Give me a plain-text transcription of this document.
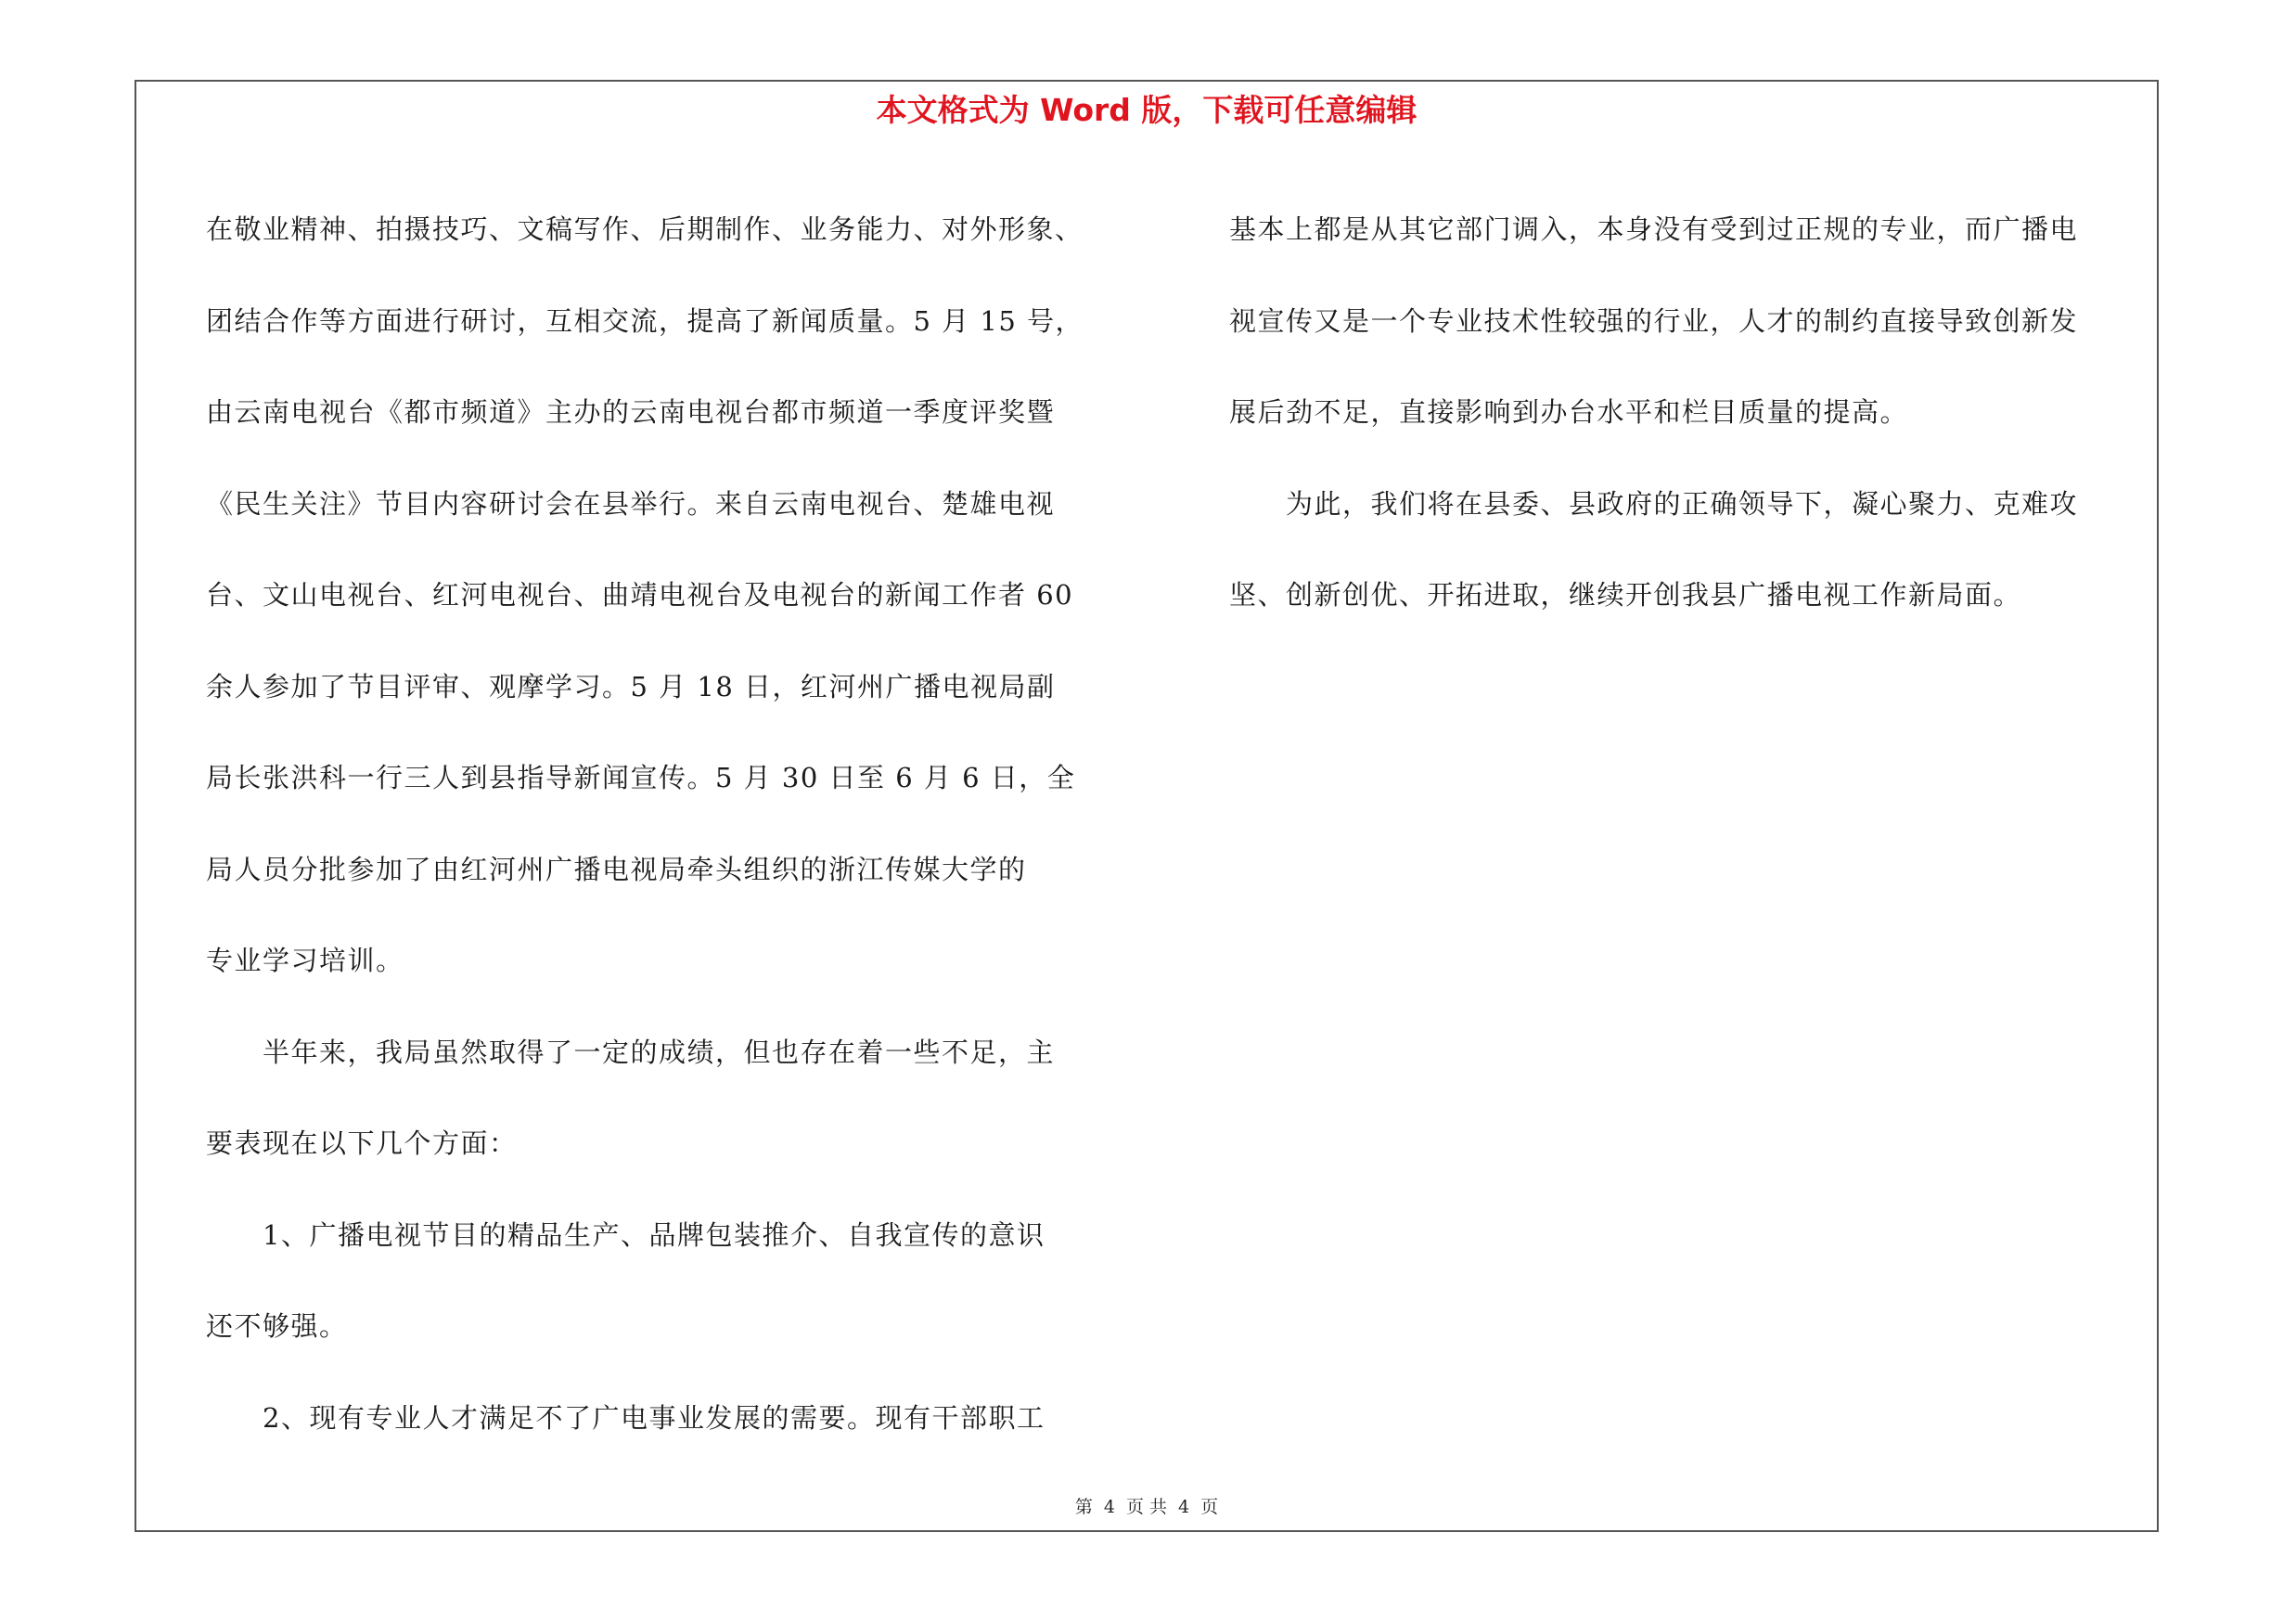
本文格式为 Word 版，下载可任意编辑
在敬业精神、拍摄技巧、文稿写作、后期制作、业务能力、对外形象、
团结合作等方面进行研讨，互相交流，提高了新闻质量。5 月 15 号，
由云南电视台《都市频道》主办的云南电视台都市频道一季度评奖暨
《民生关注》节目内容研讨会在县举行。来自云南电视台、楚雄电视
台、文山电视台、红河电视台、曲靖电视台及电视台的新闻工作者 60
余人参加了节目评审、观摩学习。5 月 18 日，红河州广播电视局副
局长张洪科一行三人到县指导新闻宣传。5 月 30 日至 6 月 6 日，全
局人员分批参加了由红河州广播电视局牵头组织的浙江传媒大学的
专业学习培训。
　　半年来，我局虽然取得了一定的成绩，但也存在着一些不足，主
要表现在以下几个方面：
　　1、广播电视节目的精品生产、品牌包装推介、自我宣传的意识
还不够强。
　　2、现有专业人才满足不了广电事业发展的需要。现有干部职工
基本上都是从其它部门调入，本身没有受到过正规的专业，而广播电
视宣传又是一个专业技术性较强的行业，人才的制约直接导致创新发
展后劲不足，直接影响到办台水平和栏目质量的提高。
　　为此，我们将在县委、县政府的正确领导下，凝心聚力、克难攻
坚、创新创优、开拓进取，继续开创我县广播电视工作新局面。
第 4 页 共 4 页
